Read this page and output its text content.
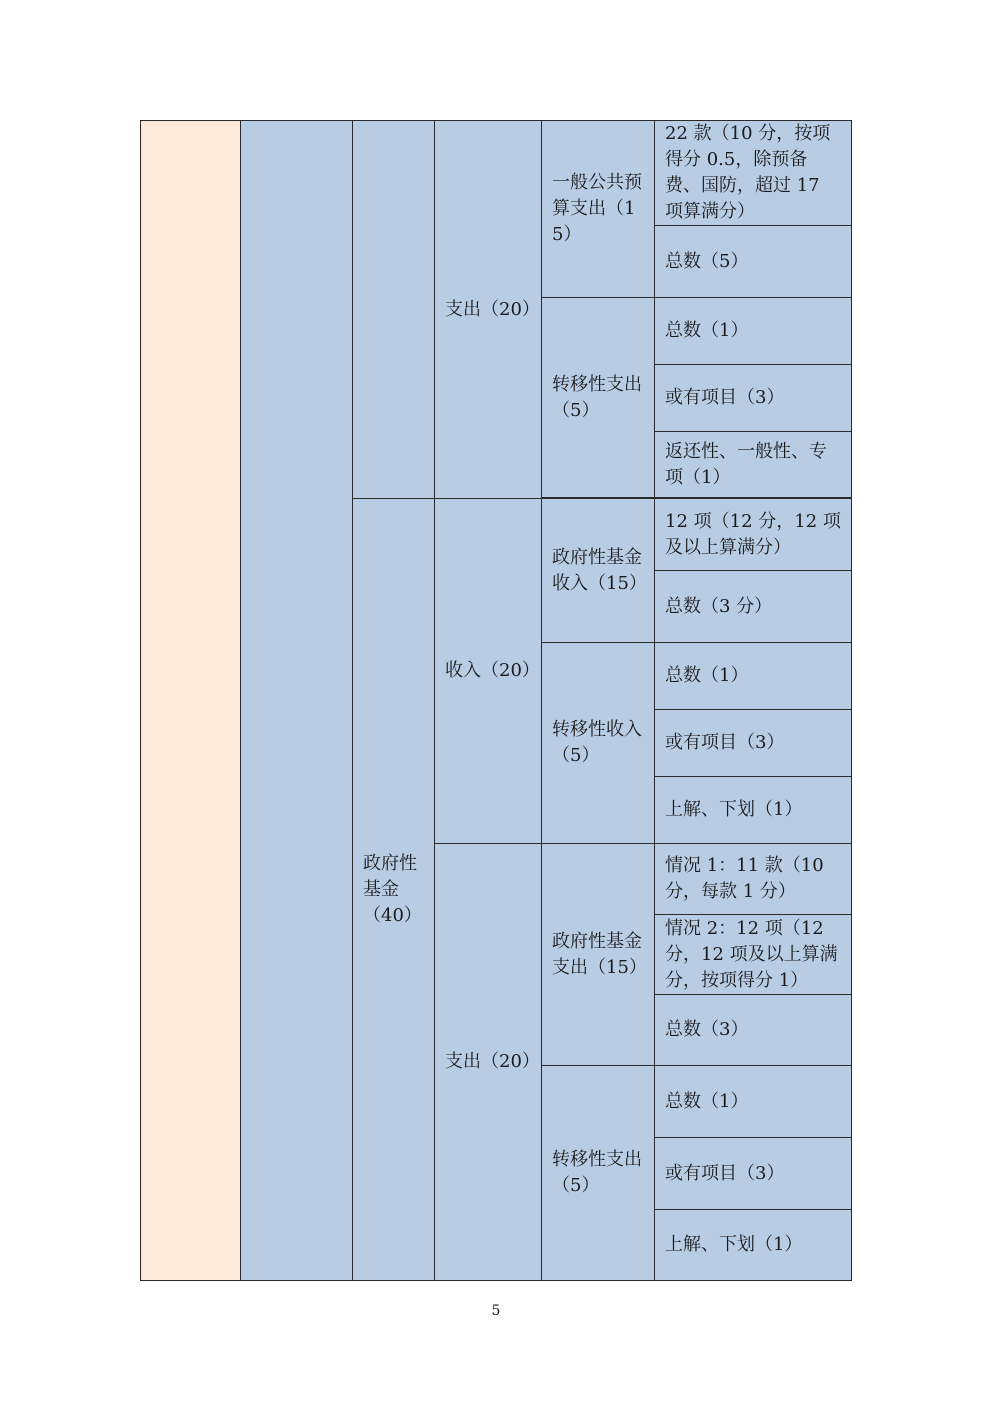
			支出（20）	一般公共预算支出（15）	22 款（10 分，按项得分 0.5，除预备费、国防，超过 17 项算满分）
					总数（5）
				转移性支出（5）	总数（1）
					或有项目（3）
					返还性、一般性、专项（1）

		政府性基金（40）	收入（20）	政府性基金收入（15）	12 项（12 分，12 项及以上算满分）
					总数（3 分）
				转移性收入（5）	总数（1）
					或有项目（3）
					上解、下划（1）
			支出（20）	政府性基金支出（15）	情况 1：11 款（10 分，每款 1 分）
					情况 2：12 项（12 分，12 项及以上算满分，按项得分 1）
					总数（3）
				转移性支出（5）	总数（1）
					或有项目（3）
					上解、下划（1）
5
